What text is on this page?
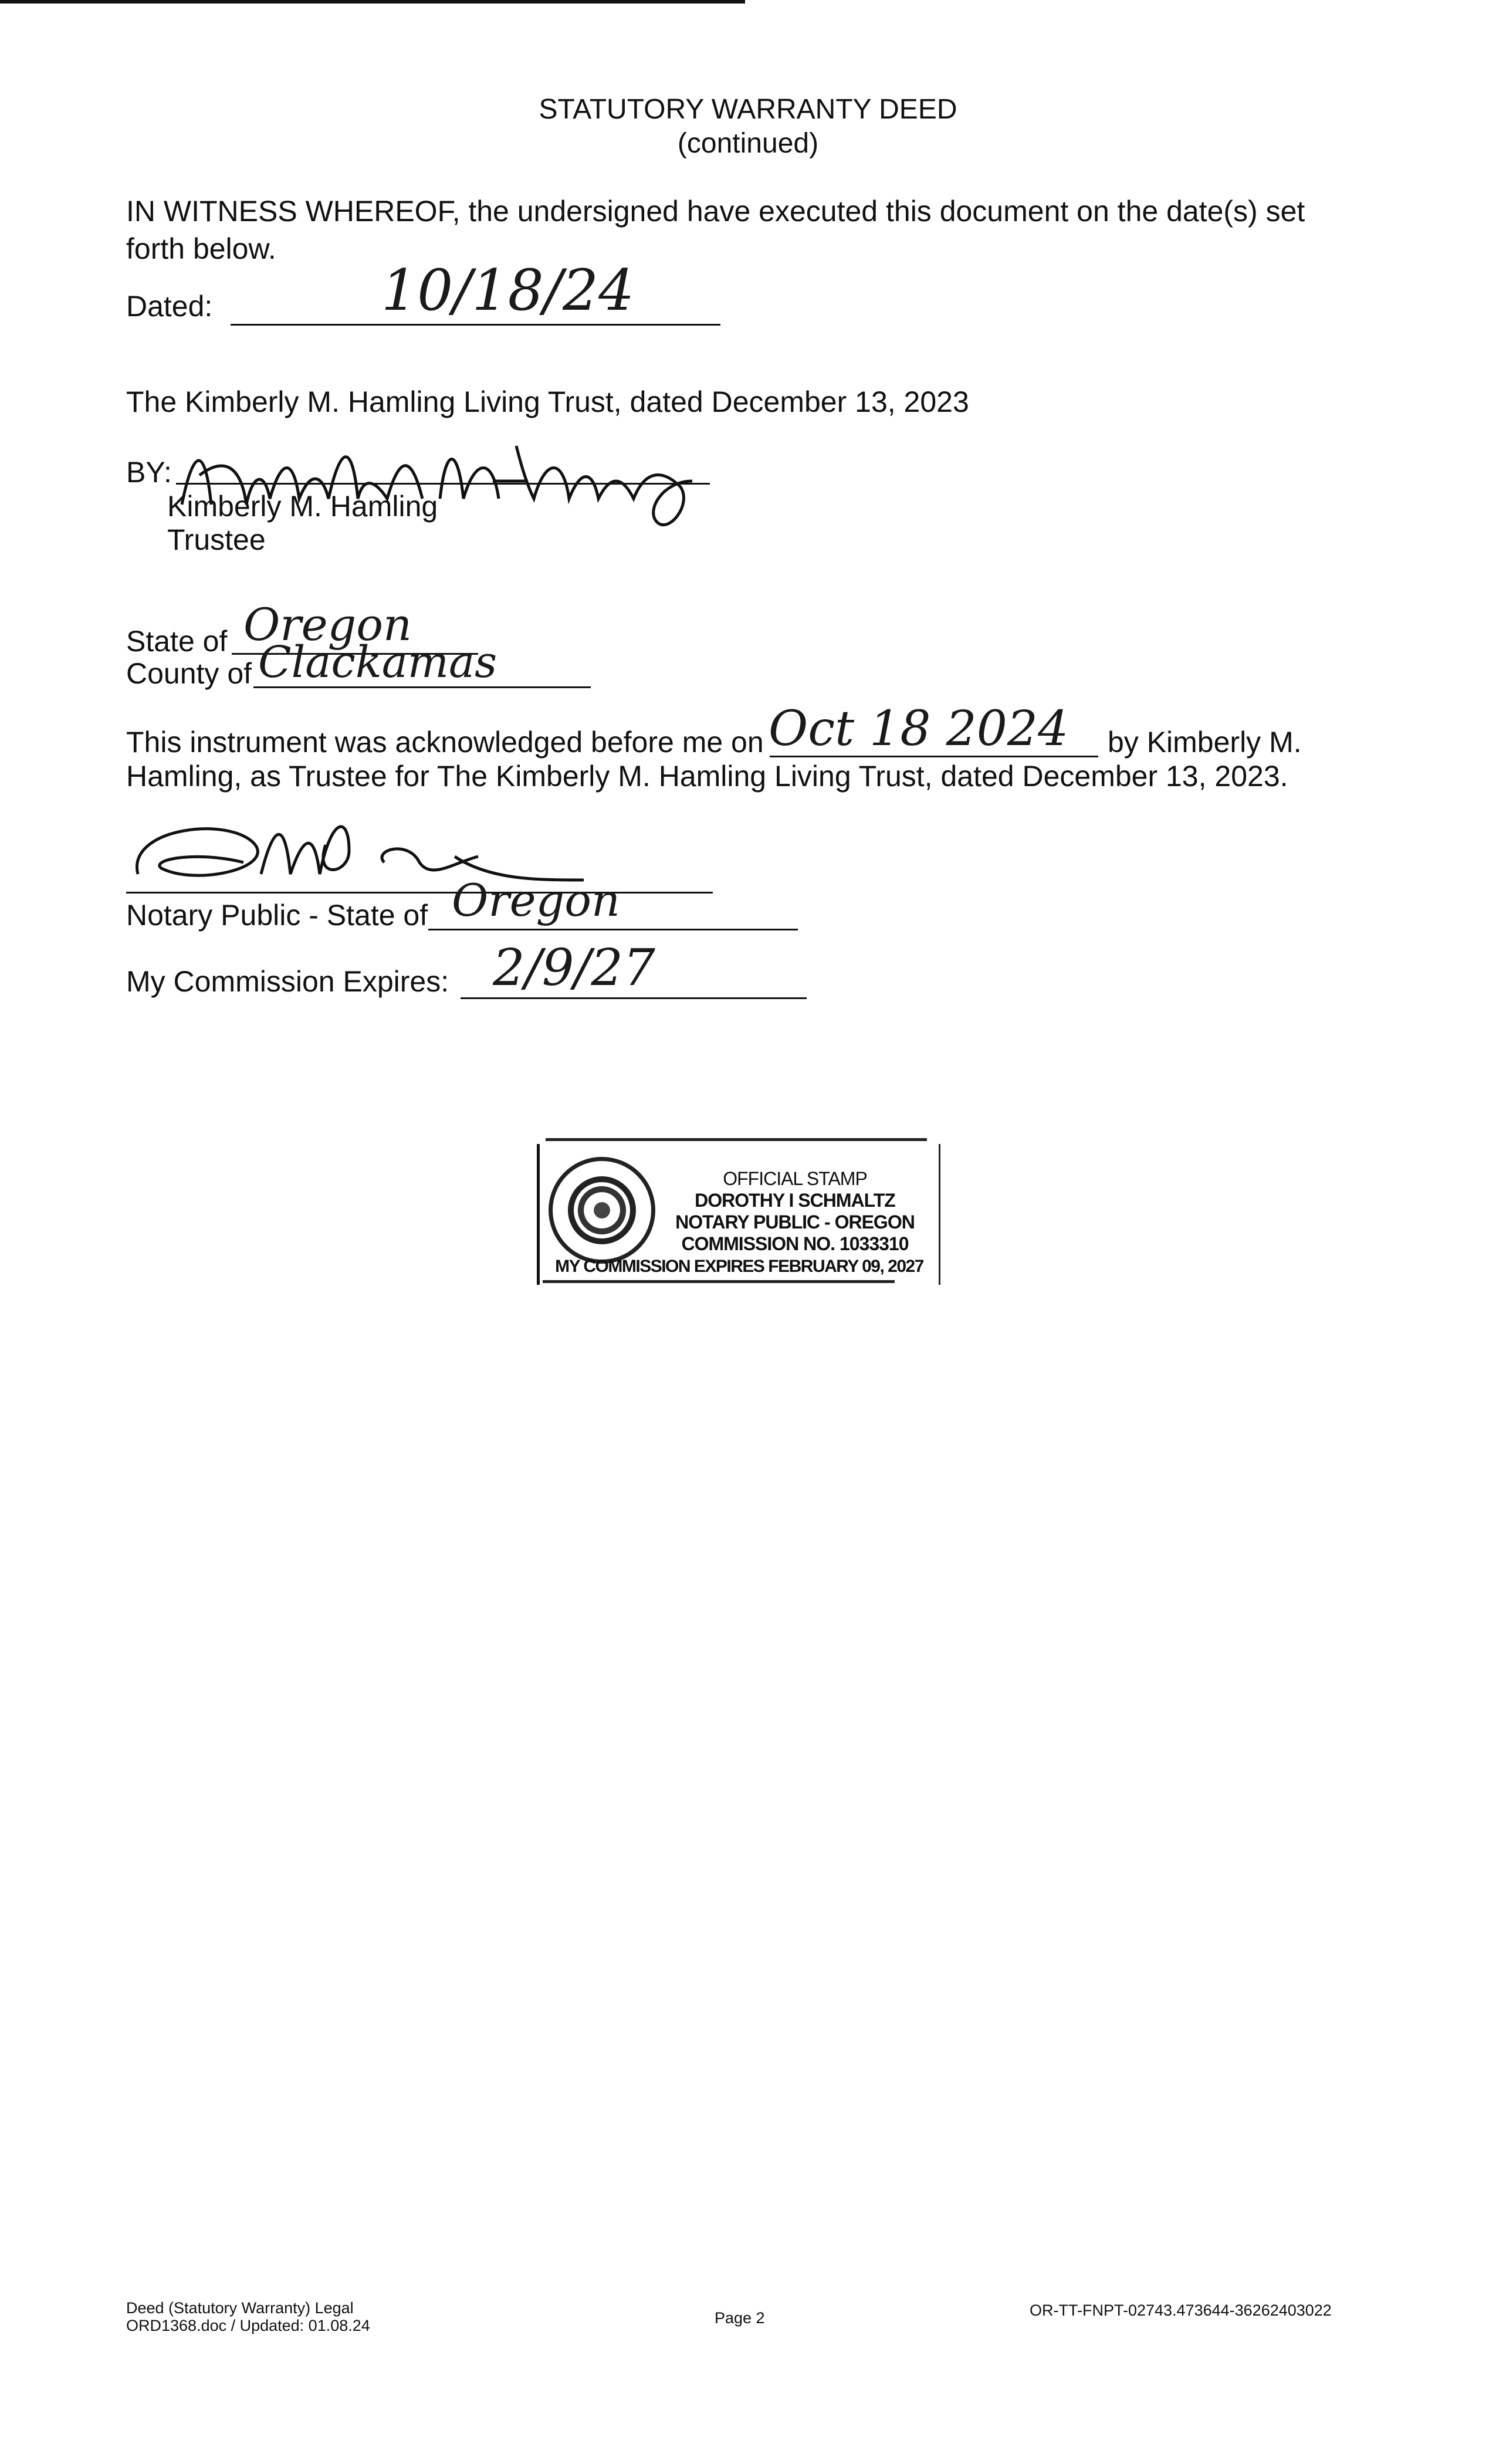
STATUTORY WARRANTY DEED
(continued)
IN WITNESS WHEREOF, the undersigned have executed this document on the date(s) set forth below.
Dated:	10/18/24
The Kimberly M. Hamling Living Trust, dated December 13, 2023
BY:
Kimberly M. Hamling
Trustee
State of Oregon
County of Clackamas
This instrument was acknowledged before me on Oct 18 2024 by Kimberly M.
Hamling, as Trustee for The Kimberly M. Hamling Living Trust, dated December 13, 2023.
Notary Public - State of Oregon
My Commission Expires: 2/9/27
OFFICIAL STAMP
DOROTHY I SCHMALTZ
NOTARY PUBLIC - OREGON
COMMISSION NO. 1033310
MY COMMISSION EXPIRES FEBRUARY 09, 2027
Deed (Statutory Warranty) Legal
ORD1368.doc / Updated: 01.08.24	Page 2	OR-TT-FNPT-02743.473644-36262403022
